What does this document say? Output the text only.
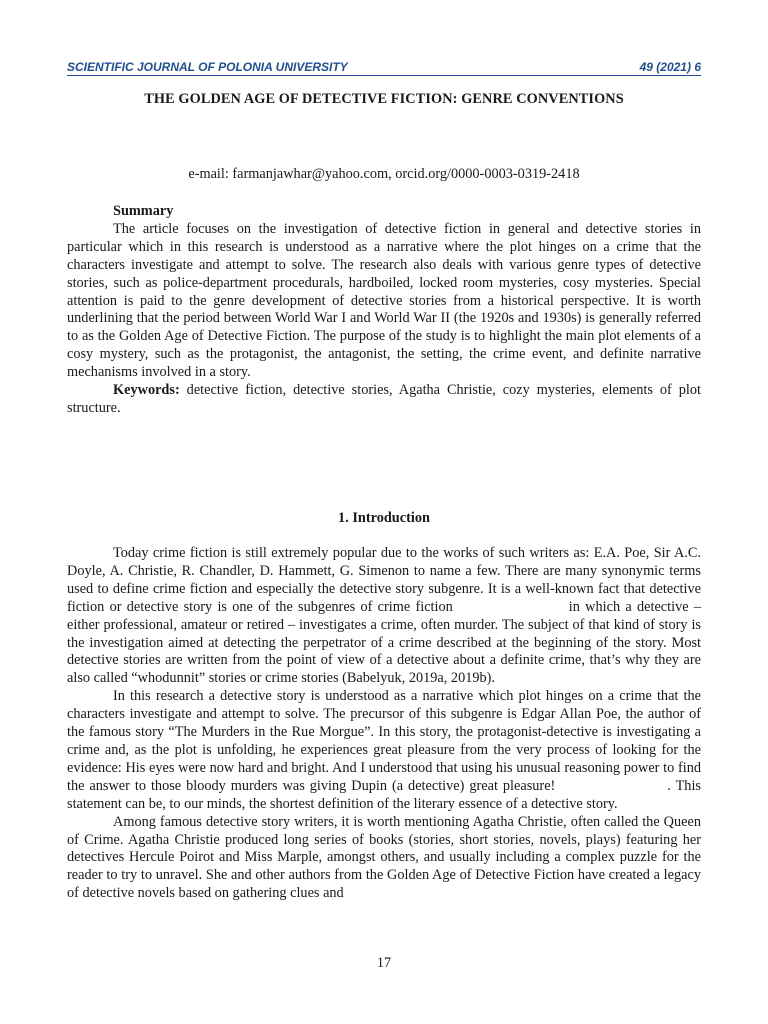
SCIENTIFIC JOURNAL OF POLONIA UNIVERSITY	49 (2021) 6
THE GOLDEN AGE OF DETECTIVE FICTION: GENRE CONVENTIONS
e-mail: farmanjawhar@yahoo.com, orcid.org/0000-0003-0319-2418

Summary

The article focuses on the investigation of detective fiction in general and detective stories in particular which in this research is understood as a narrative where the plot hinges on a crime that the characters investigate and attempt to solve. The research also deals with various genre types of detective stories, such as police-department procedurals, hardboiled, locked room mysteries, cosy mysteries. Special attention is paid to the genre development of detective stories from a historical perspective. It is worth underlining that the period between World War I and World War II (the 1920s and 1930s) is generally referred to as the Golden Age of Detective Fiction. The purpose of the study is to highlight the main plot elements of a cosy mystery, such as the protagonist, the antagonist, the setting, the crime event, and definite narrative mechanisms involved in a story.

Keywords: detective fiction, detective stories, Agatha Christie, cozy mysteries, elements of plot structure.

1. Introduction

Today crime fiction is still extremely popular due to the works of such writers as: E.A. Poe, Sir A.C. Doyle, A. Christie, R. Chandler, D. Hammett, G. Simenon to name a few. There are many synonymic terms used to define crime fiction and especially the detective story subgenre. It is a well-known fact that detective fiction or detective story is one of the subgenres of crime fiction	in which a detective – either professional, amateur or retired – investigates a crime, often murder. The subject of that kind of story is the investigation aimed at detecting the perpetrator of a crime described at the beginning of the story. Most detective stories are written from the point of view of a detective about a definite crime, that’s why they are also called “whodunnit” stories or crime stories (Babelyuk, 2019a, 2019b).

In this research a detective story is understood as a narrative which plot hinges on a crime that the characters investigate and attempt to solve. The precursor of this subgenre is Edgar Allan Poe, the author of the famous story “The Murders in the Rue Morgue”. In this story, the protagonist-detective is investigating a crime and, as the plot is unfolding, he experiences great pleasure from the very process of looking for the evidence: His eyes were now hard and bright. And I understood that using his unusual reasoning power to find the answer to those bloody murders was giving Dupin (a detective) great pleasure!	. This statement can be, to our minds, the shortest definition of the literary essence of a detective story.

Among famous detective story writers, it is worth mentioning Agatha Christie, often called the Queen of Crime. Agatha Christie produced long series of books (stories, short stories, novels, plays) featuring her detectives Hercule Poirot and Miss Marple, amongst others, and usually including a complex puzzle for the reader to try to unravel. She and other authors from the Golden Age of Detective Fiction have created a legacy of detective novels based on gathering clues and

17
